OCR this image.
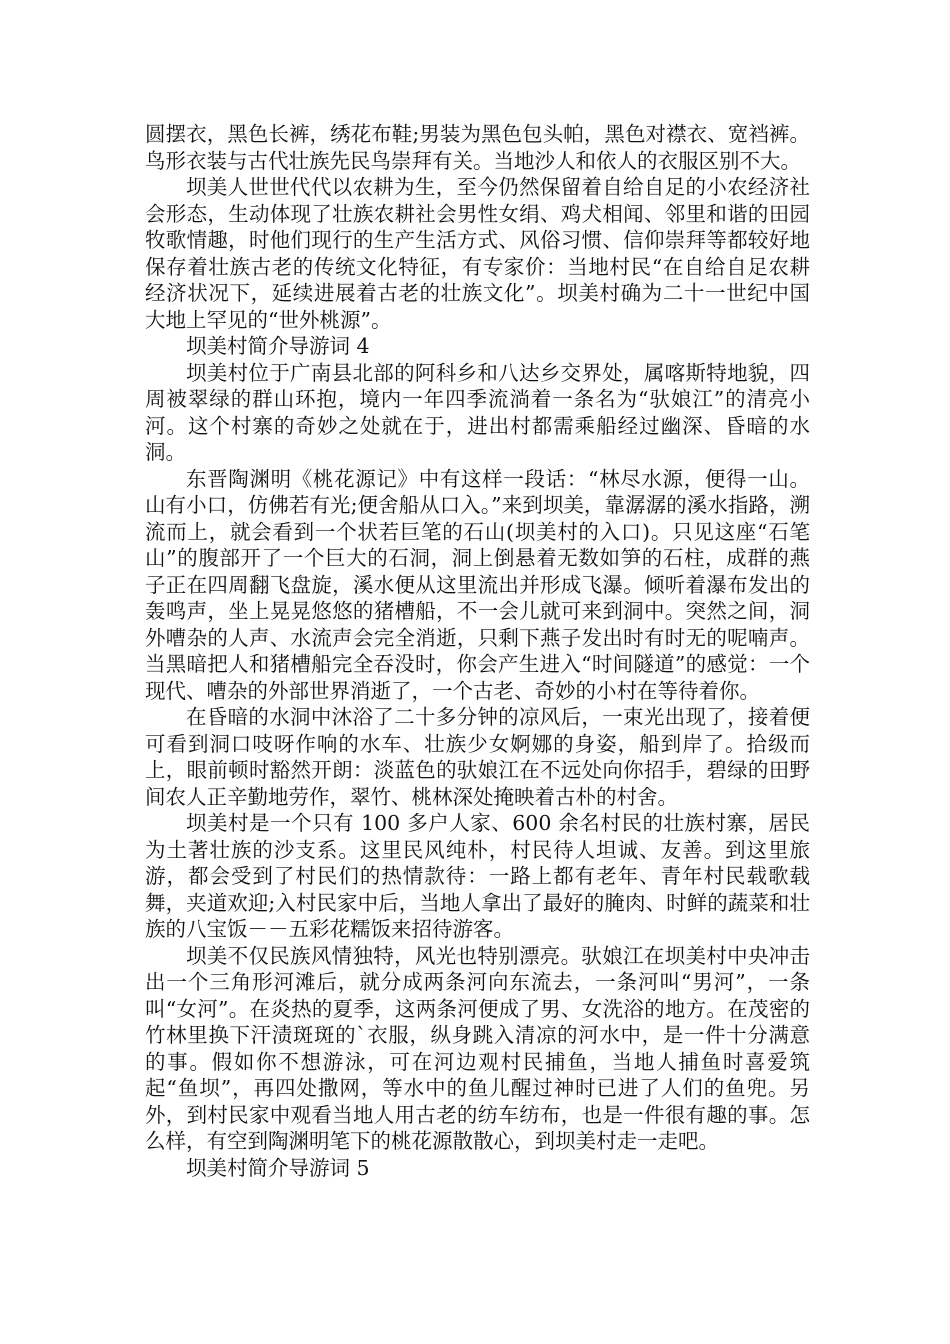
圆摆衣，黑色长裤，绣花布鞋;男装为黑色包头帕，黑色对襟衣、宽裆裤。鸟形衣装与古代壮族先民鸟崇拜有关。当地沙人和依人的衣服区别不大。

坝美人世世代代以农耕为生，至今仍然保留着自给自足的小农经济社会形态，生动体现了壮族农耕社会男性女绢、鸡犬相闻、邻里和谐的田园牧歌情趣，时他们现行的生产生活方式、风俗习惯、信仰崇拜等都较好地保存着壮族古老的传统文化特征，有专家价：当地村民“在自给自足农耕经济状况下，延续进展着古老的壮族文化”。坝美村确为二十一世纪中国大地上罕见的“世外桃源”。

坝美村简介导游词 4

坝美村位于广南县北部的阿科乡和八达乡交界处，属喀斯特地貌，四周被翠绿的群山环抱，境内一年四季流淌着一条名为“驮娘江”的清亮小河。这个村寨的奇妙之处就在于，进出村都需乘船经过幽深、昏暗的水洞。

东晋陶渊明《桃花源记》中有这样一段话：“林尽水源，便得一山。山有小口，仿佛若有光;便舍船从口入。”来到坝美，靠潺潺的溪水指路，溯流而上，就会看到一个状若巨笔的石山(坝美村的入口)。只见这座“石笔山”的腹部开了一个巨大的石洞，洞上倒悬着无数如笋的石柱，成群的燕子正在四周翻飞盘旋，溪水便从这里流出并形成飞瀑。倾听着瀑布发出的轰鸣声，坐上晃晃悠悠的猪槽船，不一会儿就可来到洞中。突然之间，洞外嘈杂的人声、水流声会完全消逝，只剩下燕子发出时有时无的呢喃声。当黑暗把人和猪槽船完全吞没时，你会产生进入“时间隧道”的感觉：一个现代、嘈杂的外部世界消逝了，一个古老、奇妙的小村在等待着你。

在昏暗的水洞中沐浴了二十多分钟的凉风后，一束光出现了，接着便可看到洞口吱呀作响的水车、壮族少女婀娜的身姿，船到岸了。拾级而上，眼前顿时豁然开朗：淡蓝色的驮娘江在不远处向你招手，碧绿的田野间农人正辛勤地劳作，翠竹、桃林深处掩映着古朴的村舍。

坝美村是一个只有 100 多户人家、600 余名村民的壮族村寨，居民为土著壮族的沙支系。这里民风纯朴，村民待人坦诚、友善。到这里旅游，都会受到了村民们的热情款待：一路上都有老年、青年村民载歌载舞，夹道欢迎;入村民家中后，当地人拿出了最好的腌肉、时鲜的蔬菜和壮族的八宝饭－－五彩花糯饭来招待游客。

坝美不仅民族风情独特，风光也特别漂亮。驮娘江在坝美村中央冲击出一个三角形河滩后，就分成两条河向东流去，一条河叫“男河”，一条叫“女河”。在炎热的夏季，这两条河便成了男、女洗浴的地方。在茂密的竹林里换下汗渍斑斑的`衣服，纵身跳入清凉的河水中，是一件十分满意的事。假如你不想游泳，可在河边观村民捕鱼，当地人捕鱼时喜爱筑起“鱼坝”，再四处撒网，等水中的鱼儿醒过神时已进了人们的鱼兜。另外，到村民家中观看当地人用古老的纺车纺布，也是一件很有趣的事。怎么样，有空到陶渊明笔下的桃花源散散心，到坝美村走一走吧。

坝美村简介导游词 5
